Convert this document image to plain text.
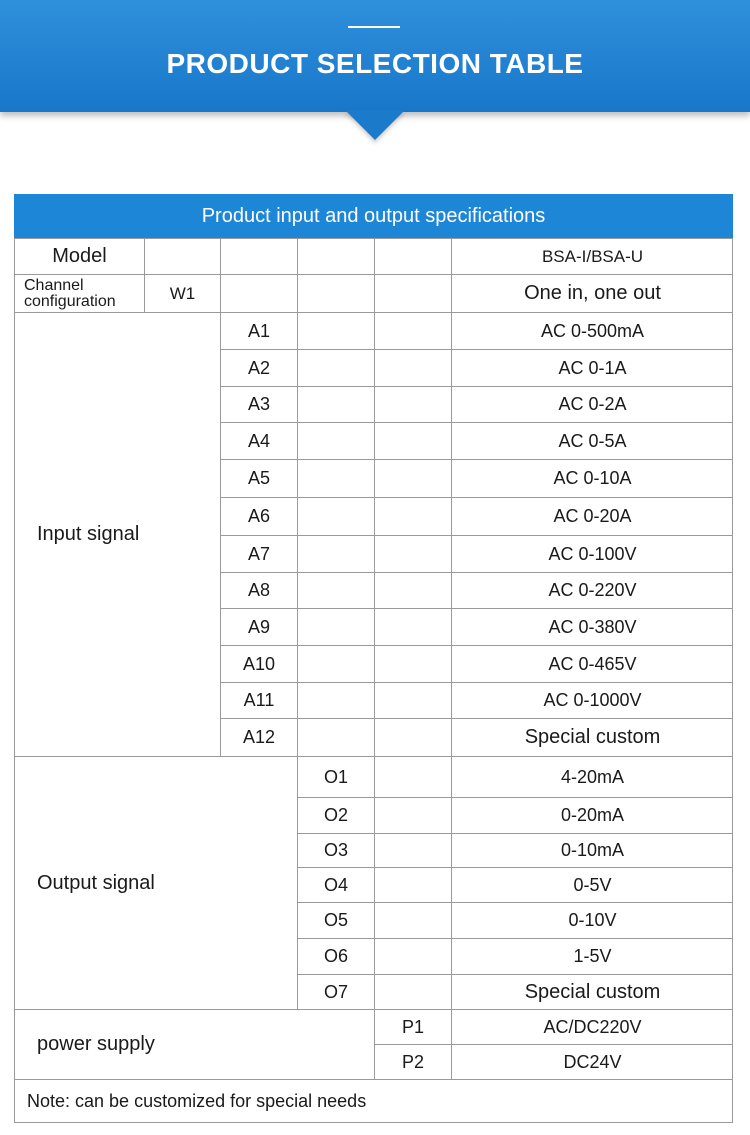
PRODUCT SELECTION TABLE
Product input and output specifications
Model	BSA-I/BSA-U
Channel
configuration	W1	One in, one out
Input signal
A1	AC 0-500mA
A2	AC 0-1A
A3	AC 0-2A
A4	AC 0-5A
A5	AC 0-10A
A6	AC 0-20A
A7	AC 0-100V
A8	AC 0-220V
A9	AC 0-380V
A10	AC 0-465V
A11	AC 0-1000V
A12	Special custom
Output signal
O1	4-20mA
O2	0-20mA
O3	0-10mA
O4	0-5V
O5	0-10V
O6	1-5V
O7	Special custom
power supply
P1	AC/DC220V
P2	DC24V
Note: can be customized for special needs
